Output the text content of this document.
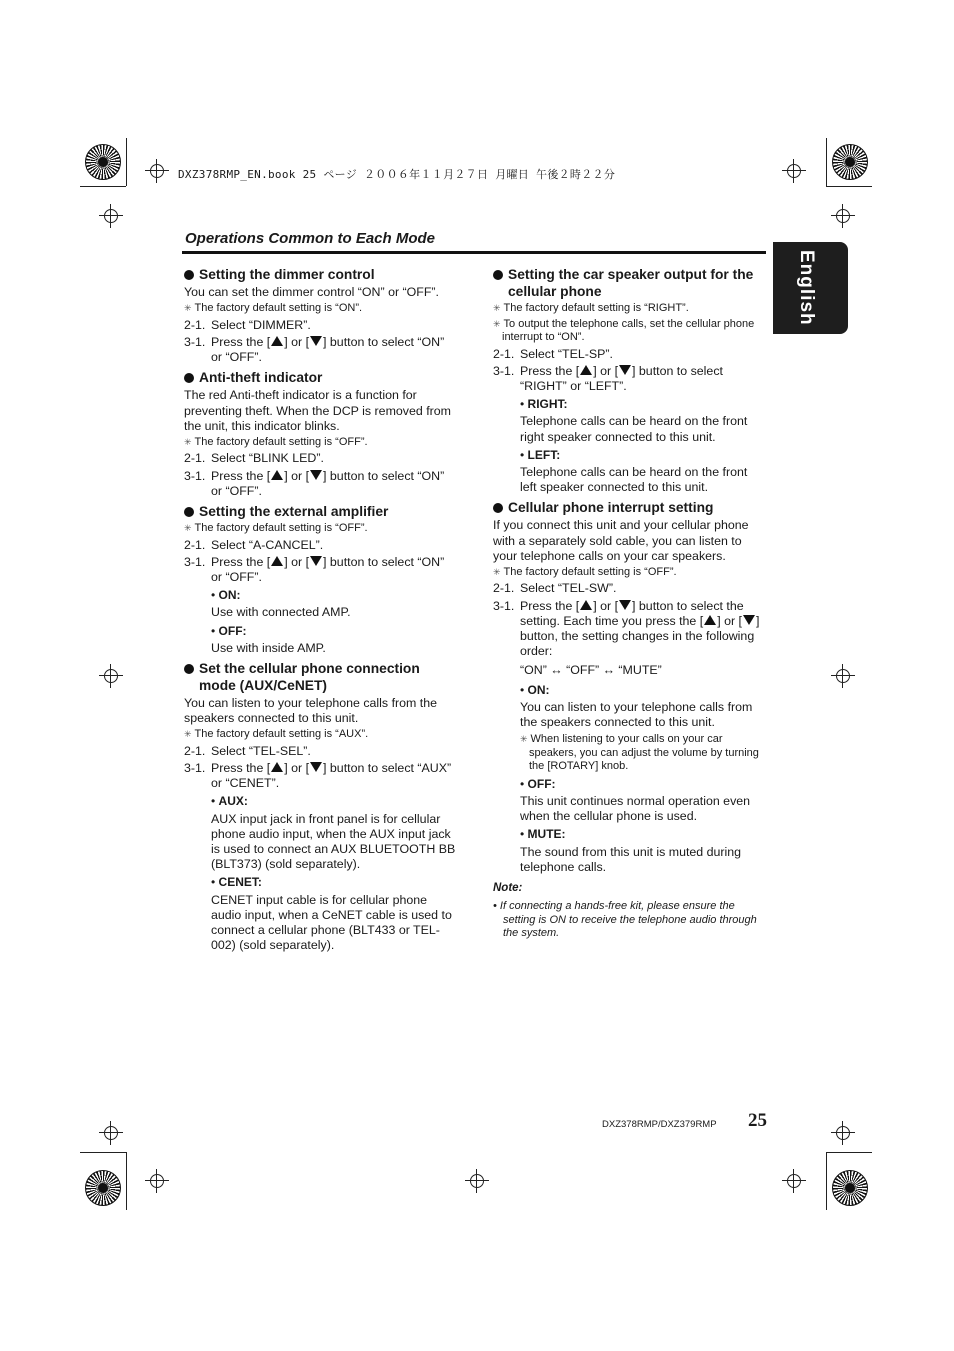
DXZ378RMP_EN.book 25 ページ ２００６年１１月２７日 月曜日 午後２時２２分
Operations Common to Each Mode
English
Setting the dimmer control

You can set the dimmer control “ON” or “OFF”.

✳ The factory default setting is “ON”.
2-1. Select “DIMMER”.
3-1. Press the [ ] or [ ] button to select “ON” or “OFF”.
Anti-theft indicator

The red Anti-theft indicator is a function for preventing theft. When the DCP is removed from the unit, this indicator blinks.

✳ The factory default setting is “OFF”.
2-1. Select “BLINK LED”.
3-1. Press the [ ] or [ ] button to select “ON” or “OFF”.
Setting the external amplifier
✳ The factory default setting is “OFF”.
2-1. Select “A-CANCEL”.
3-1. Press the [ ] or [ ] button to select “ON” or “OFF”.
• ON:
Use with connected AMP.
• OFF:
Use with inside AMP.
Set the cellular phone connection mode (AUX/CeNET)

You can listen to your telephone calls from the speakers connected to this unit.

✳ The factory default setting is “AUX”.
2-1. Select “TEL-SEL”.
3-1. Press the [ ] or [ ] button to select “AUX” or “CENET”.
• AUX:
AUX input jack in front panel is for cellular phone audio input, when the AUX input jack is used to connect an AUX BLUETOOTH BB (BLT373) (sold separately).
• CENET:
CENET input cable is for cellular phone audio input, when a CeNET cable is used to connect a cellular phone (BLT433 or TEL-002) (sold separately).
Setting the car speaker output for the cellular phone
✳ The factory default setting is “RIGHT”.
✳ To output the telephone calls, set the cellular phone interrupt to “ON”.
2-1. Select “TEL-SP”.
3-1. Press the [ ] or [ ] button to select “RIGHT” or “LEFT”.
• RIGHT:
Telephone calls can be heard on the front right speaker connected to this unit.
• LEFT:
Telephone calls can be heard on the front left speaker connected to this unit.
Cellular phone interrupt setting

If you connect this unit and your cellular phone with a separately sold cable, you can listen to your telephone calls on your car speakers.

✳ The factory default setting is “OFF”.
2-1. Select “TEL-SW”.
3-1. Press the [ ] or [ ] button to select the setting. Each time you press the [ ] or [ ] button, the setting changes in the following order:
“ON” ↔ “OFF” ↔ “MUTE”
• ON:
You can listen to your telephone calls from the speakers connected to this unit.
✳ When listening to your calls on your car speakers, you can adjust the volume by turning the [ROTARY] knob.
• OFF:
This unit continues normal operation even when the cellular phone is used.
• MUTE:
The sound from this unit is muted during telephone calls.
Note:
• If connecting a hands-free kit, please ensure the setting is ON to receive the telephone audio through the system.
DXZ378RMP/DXZ379RMP 25
